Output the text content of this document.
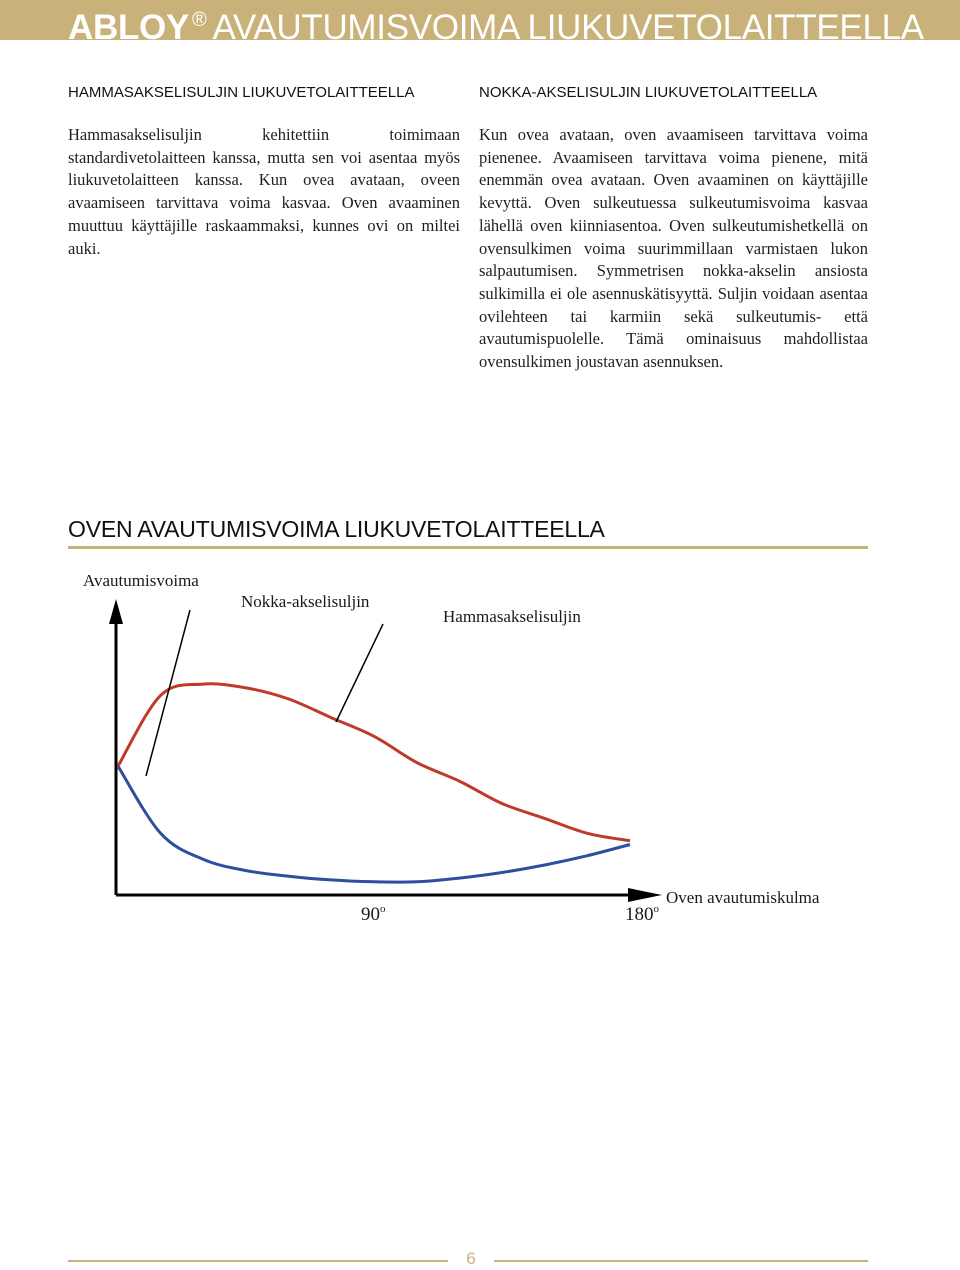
ABLOY ® AVAUTUMISVOIMA LIUKUVETOLAITTEELLA
HAMMASAKSELISULJIN LIUKUVETOLAITTEELLA

Hammasakselisuljin kehitettiin toimimaan standardivetolaitteen kanssa, mutta sen voi asentaa myös liukuvetolaitteen kanssa. Kun ovea avataan, oveen avaamiseen tarvittava voima kasvaa. Oven avaaminen muuttuu käyttäjille raskaammaksi, kunnes ovi on miltei auki.

NOKKA-AKSELISULJIN LIUKUVETOLAITTEELLA

Kun ovea avataan, oven avaamiseen tarvittava voima pienenee. Avaamiseen tarvittava voima pienene, mitä enemmän ovea avataan. Oven avaaminen on käyttäjille kevyttä. Oven sulkeutuessa sulkeutumisvoima kasvaa lähellä oven kiinniasentoa. Oven sulkeutumishetkellä on ovensulkimen voima suurimmillaan varmistaen lukon salpautumisen. Symmetrisen nokka-akselin ansiosta sulkimilla ei ole asennuskätisyyttä. Suljin voidaan asentaa ovilehteen tai karmiin sekä sulkeutumis- että avautumispuolelle. Tämä ominaisuus mahdollistaa ovensulkimen joustavan asennuksen.

OVEN AVAUTUMISVOIMA LIUKUVETOLAITTEELLA
Avautumisvoima
Nokka-akselisuljin
Hammasakselisuljin
Oven avautumiskulma
90$^o$	180$^o$
6
